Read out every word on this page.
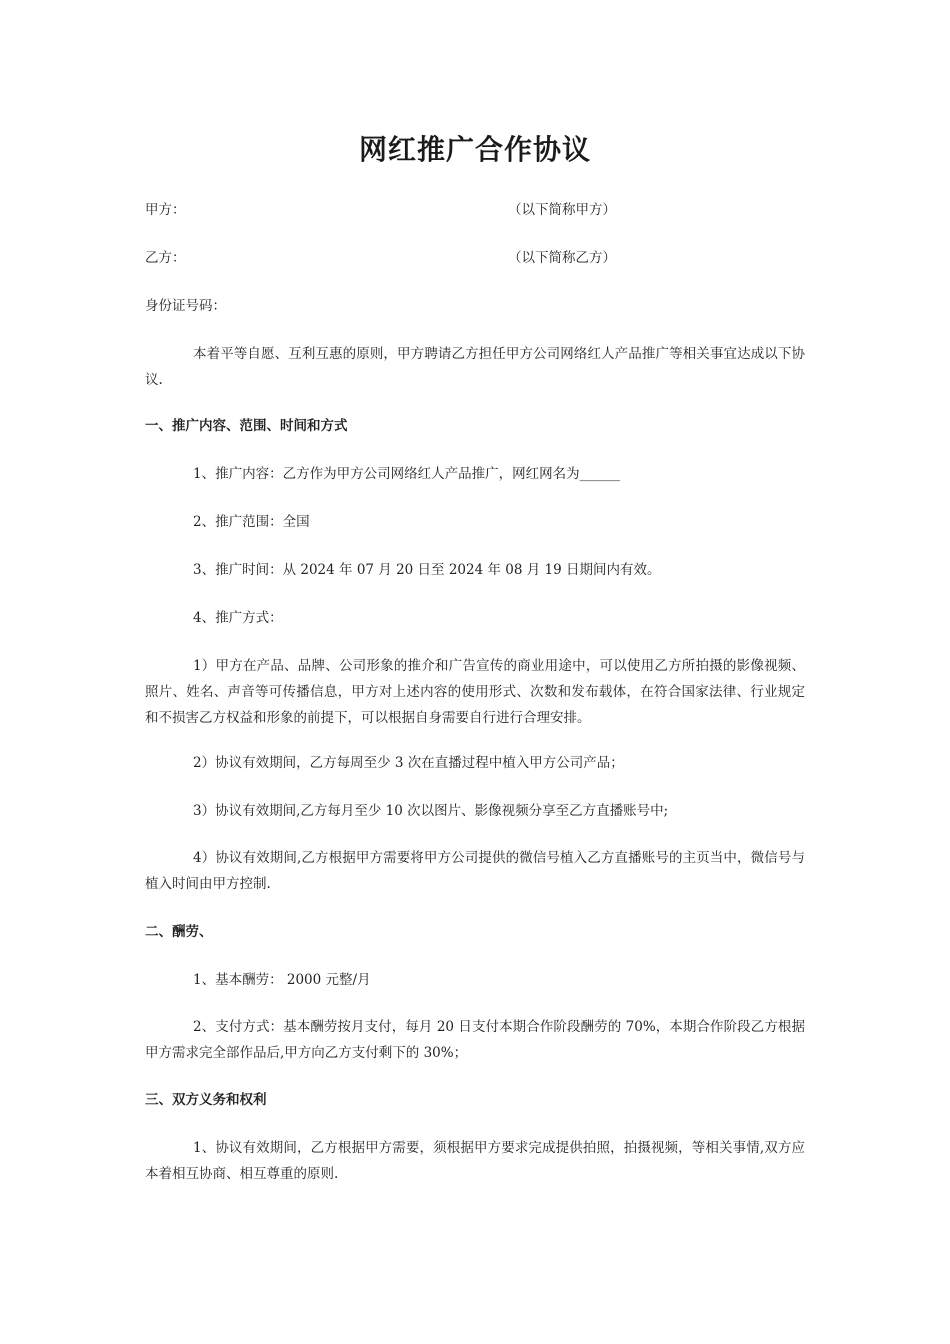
网红推广合作协议
甲方：	（以下简称甲方）
乙方：	（以下简称乙方）
身份证号码：
本着平等自愿、互利互惠的原则，甲方聘请乙方担任甲方公司网络红人产品推广等相关事宜达成以下协议.
一、推广内容、范围、时间和方式
1、推广内容：乙方作为甲方公司网络红人产品推广，网红网名为______
2、推广范围：全国
3、推广时间：从 2024 年 07 月 20 日至 2024 年 08 月 19 日期间内有效。
4、推广方式：
1）甲方在产品、品牌、公司形象的推介和广告宣传的商业用途中，可以使用乙方所拍摄的影像视频、照片、姓名、声音等可传播信息，甲方对上述内容的使用形式、次数和发布载体，在符合国家法律、行业规定和不损害乙方权益和形象的前提下，可以根据自身需要自行进行合理安排。
2）协议有效期间，乙方每周至少 3 次在直播过程中植入甲方公司产品；
3）协议有效期间,乙方每月至少 10 次以图片、影像视频分享至乙方直播账号中;
4）协议有效期间,乙方根据甲方需要将甲方公司提供的微信号植入乙方直播账号的主页当中，微信号与植入时间由甲方控制.
二、酬劳、
1、基本酬劳： 2000 元整/月
2、支付方式：基本酬劳按月支付，每月 20 日支付本期合作阶段酬劳的 70%，本期合作阶段乙方根据甲方需求完全部作品后,甲方向乙方支付剩下的 30%；
三、双方义务和权利
1、协议有效期间，乙方根据甲方需要，须根据甲方要求完成提供拍照，拍摄视频，等相关事情,双方应本着相互协商、相互尊重的原则.
